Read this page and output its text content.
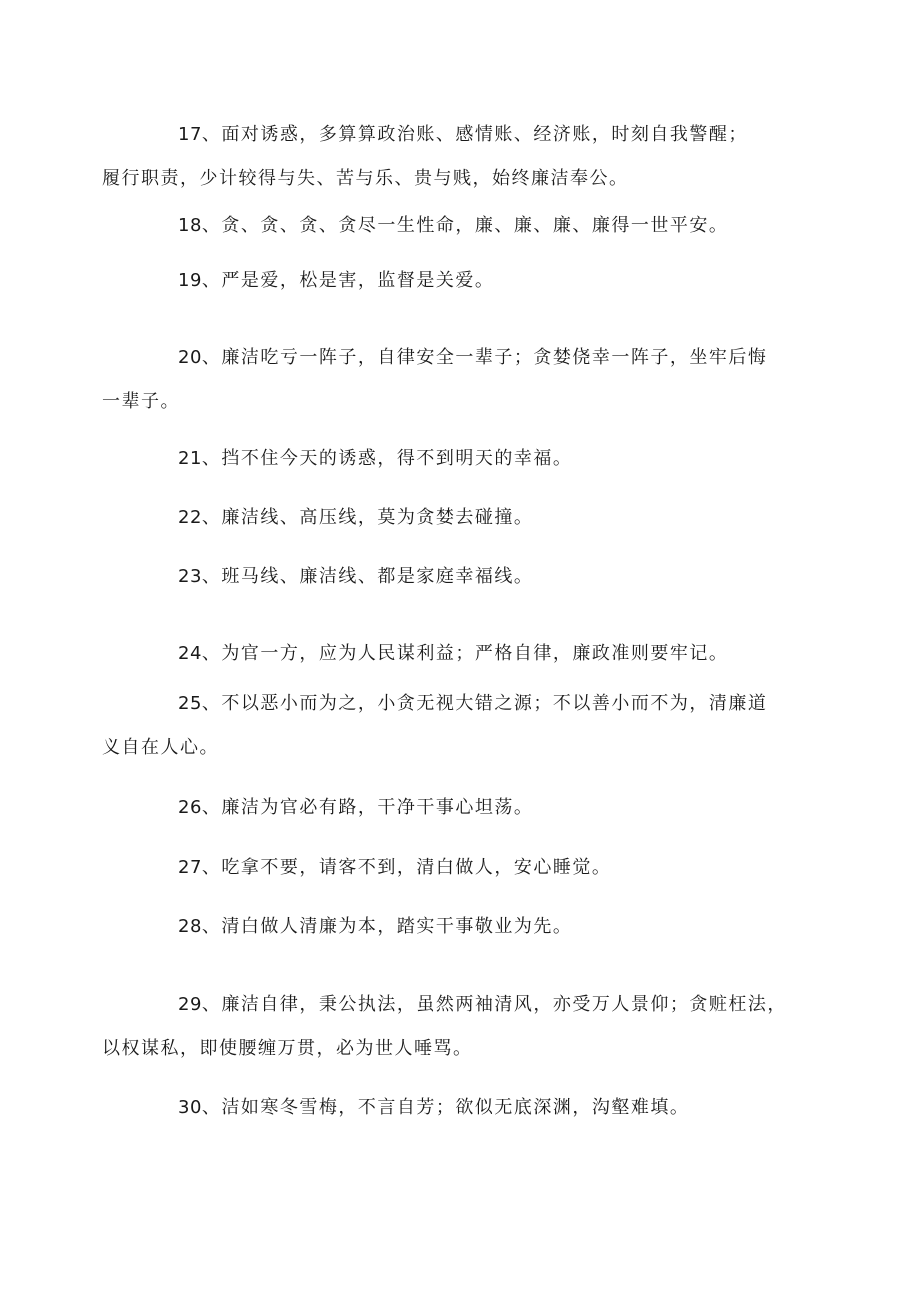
17、面对诱惑，多算算政治账、感情账、经济账，时刻自我警醒；
履行职责，少计较得与失、苦与乐、贵与贱，始终廉洁奉公。

18、贪、贪、贪、贪尽一生性命，廉、廉、廉、廉得一世平安。

19、严是爱，松是害，监督是关爱。

20、廉洁吃亏一阵子，自律安全一辈子；贪婪侥幸一阵子，坐牢后悔
一辈子。

21、挡不住今天的诱惑，得不到明天的幸福。

22、廉洁线、高压线，莫为贪婪去碰撞。

23、班马线、廉洁线、都是家庭幸福线。

24、为官一方，应为人民谋利益；严格自律，廉政准则要牢记。

25、不以恶小而为之，小贪无视大错之源；不以善小而不为，清廉道
义自在人心。

26、廉洁为官必有路，干净干事心坦荡。

27、吃拿不要，请客不到，清白做人，安心睡觉。

28、清白做人清廉为本，踏实干事敬业为先。

29、廉洁自律，秉公执法，虽然两袖清风，亦受万人景仰；贪赃枉法，
以权谋私，即使腰缠万贯，必为世人唾骂。

30、洁如寒冬雪梅，不言自芳；欲似无底深渊，沟壑难填。
